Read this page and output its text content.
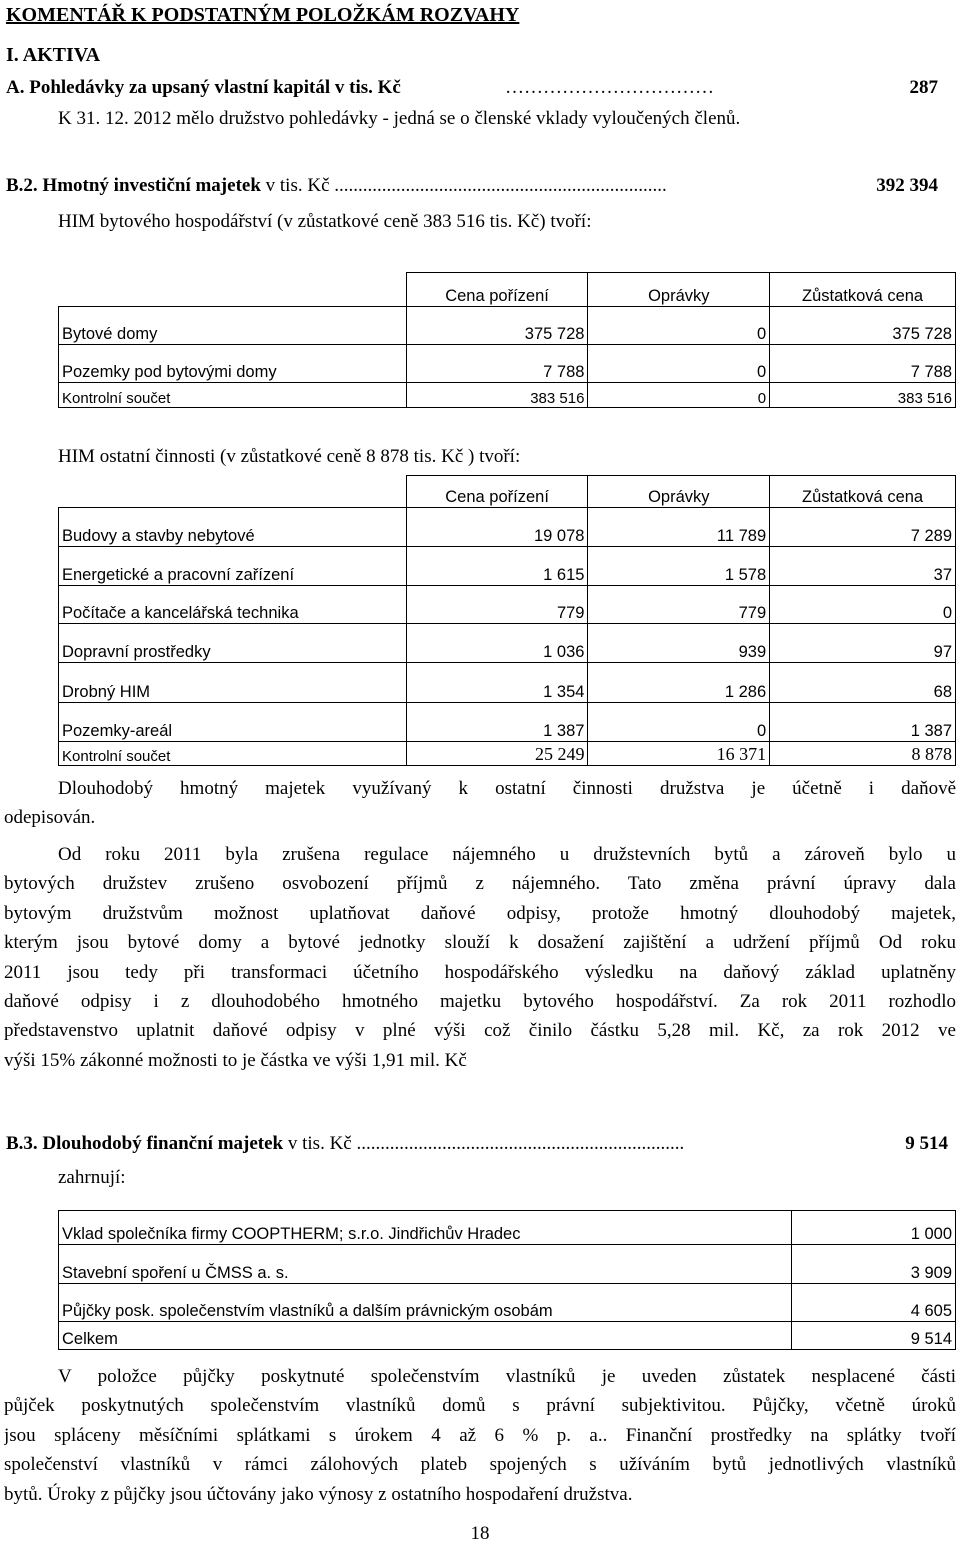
KOMENTÁŘ K PODSTATNÝM POLOŽKÁM ROZVAHY
I. AKTIVA
A. Pohledávky za upsaný vlastní kapitál v tis. Kč	……………………………	287
K 31. 12. 2012 mělo družstvo pohledávky - jedná se o členské vklady vyloučených členů.
B.2. Hmotný investiční majetek v tis. Kč ......................................................................	392 394
HIM bytového hospodářství (v zůstatkové ceně 383 516 tis. Kč) tvoří:
	Cena pořízení	Oprávky	Zůstatková cena
Bytové domy	375 728	0	375 728
Pozemky pod bytovými domy	7 788	0	7 788
Kontrolní součet	383 516	0	383 516
HIM ostatní činnosti (v zůstatkové ceně 8 878 tis. Kč ) tvoří:
	Cena pořízení	Oprávky	Zůstatková cena
Budovy a stavby nebytové	19 078	11 789	7 289
Energetické a pracovní zařízení	1 615	1 578	37
Počítače a kancelářská technika	779	779	0
Dopravní prostředky	1 036	939	97
Drobný HIM	1 354	1 286	68
Pozemky-areál	1 387	0	1 387
Kontrolní součet	25 249	16 371	8 878
Dlouhodobý hmotný majetek využívaný k ostatní činnosti družstva je účetně i daňově
odepisován.
Od roku 2011 byla zrušena regulace nájemného u družstevních bytů a zároveň bylo u
bytových družstev zrušeno osvobození příjmů z nájemného. Tato změna právní úpravy dala
bytovým družstvům možnost uplatňovat daňové odpisy, protože hmotný dlouhodobý majetek,
kterým jsou bytové domy a bytové jednotky slouží k dosažení zajištění a udržení příjmů Od roku
2011 jsou tedy při transformaci účetního hospodářského výsledku na daňový základ uplatněny
daňové odpisy i z dlouhodobého hmotného majetku bytového hospodářství. Za rok 2011 rozhodlo
představenstvo uplatnit daňové odpisy v plné výši což činilo částku 5,28 mil. Kč, za rok 2012 ve
výši 15% zákonné možnosti to je částka ve výši 1,91 mil. Kč
B.3. Dlouhodobý finanční majetek v tis. Kč .....................................................................	9 514
zahrnují:
Vklad společníka firmy COOPTHERM; s.r.o. Jindřichův Hradec	1 000
Stavební spoření u ČMSS a. s.	3 909
Půjčky posk. společenstvím vlastníků a dalším právnickým osobám	4 605
Celkem	9 514
V položce půjčky poskytnuté společenstvím vlastníků je uveden zůstatek nesplacené části
půjček poskytnutých společenstvím vlastníků domů s právní subjektivitou. Půjčky, včetně úroků
jsou spláceny měsíčními splátkami s úrokem 4 až 6 % p. a.. Finanční prostředky na splátky tvoří
společenství vlastníků v rámci zálohových plateb spojených s užíváním bytů jednotlivých vlastníků
bytů. Úroky z půjčky jsou účtovány jako výnosy z ostatního hospodaření družstva.
18
